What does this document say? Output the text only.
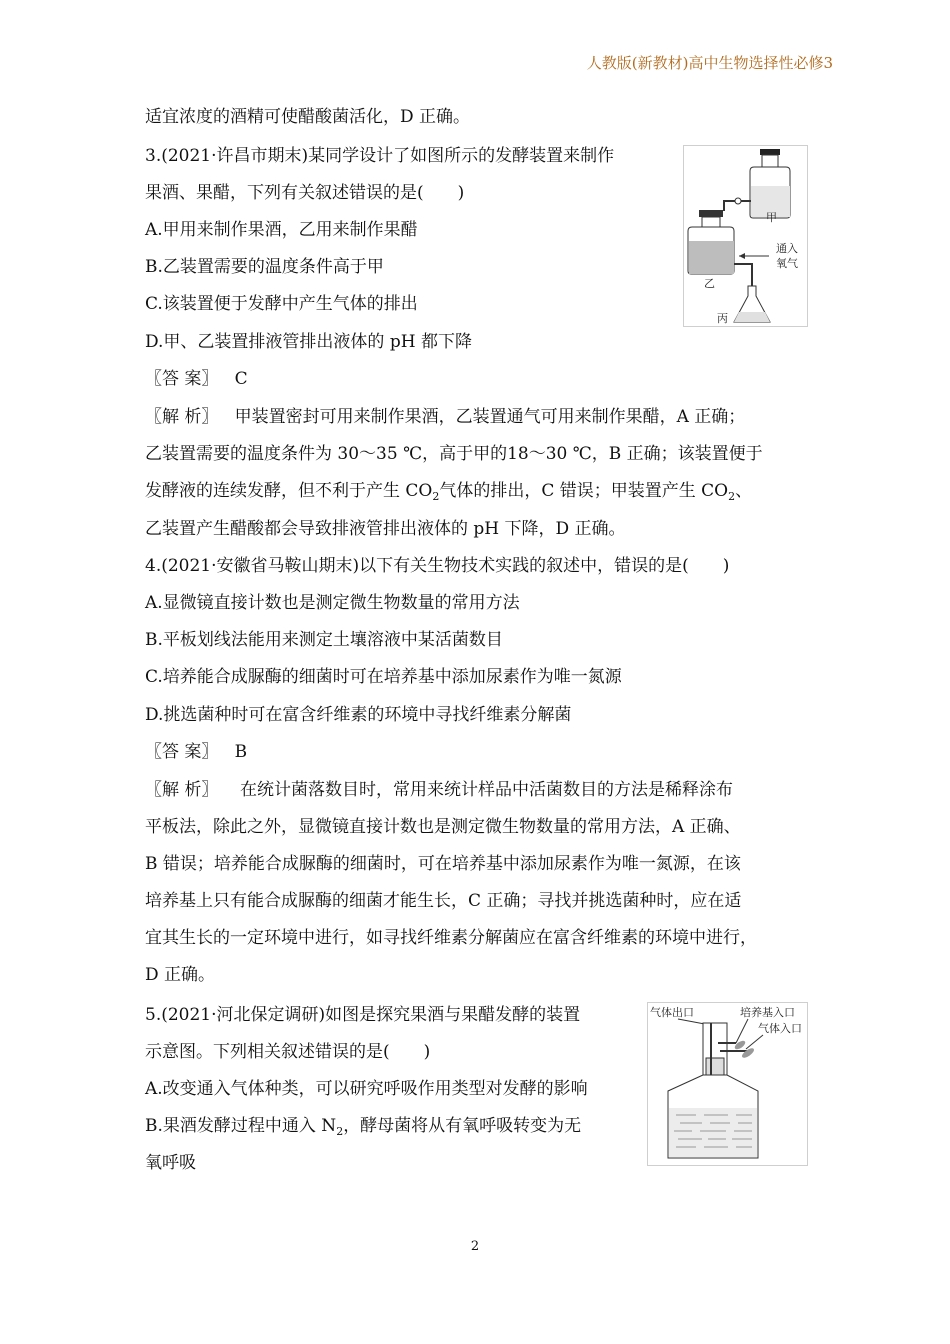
人教版(新教材)高中生物选择性必修3
适宜浓度的酒精可使醋酸菌活化，D 正确。
3.(2021·许昌市期末)某同学设计了如图所示的发酵装置来制作
果酒、果醋，下列有关叙述错误的是(　　)
A.甲用来制作果酒，乙用来制作果醋
B.乙装置需要的温度条件高于甲
C.该装置便于发酵中产生气体的排出
D.甲、乙装置排液管排出液体的 pH 都下降
〖答 案〗 C
〖解 析〗 甲装置密封可用来制作果酒，乙装置通气可用来制作果醋，A 正确；
乙装置需要的温度条件为 30～35 ℃，高于甲的18～30 ℃，B 正确；该装置便于
发酵液的连续发酵，但不利于产生 $CO_2$气体的排出，C 错误；甲装置产生 $CO_2$、
乙装置产生醋酸都会导致排液管排出液体的 pH 下降，D 正确。
甲
乙
丙
通入
氧气
4.(2021·安徽省马鞍山期末)以下有关生物技术实践的叙述中，错误的是(　　)
A.显微镜直接计数也是测定微生物数量的常用方法
B.平板划线法能用来测定土壤溶液中某活菌数目
C.培养能合成脲酶的细菌时可在培养基中添加尿素作为唯一氮源
D.挑选菌种时可在富含纤维素的环境中寻找纤维素分解菌
〖答 案〗 B
〖解 析〗 在统计菌落数目时，常用来统计样品中活菌数目的方法是稀释涂布
平板法，除此之外，显微镜直接计数也是测定微生物数量的常用方法，A 正确、
B 错误；培养能合成脲酶的细菌时，可在培养基中添加尿素作为唯一氮源，在该
培养基上只有能合成脲酶的细菌才能生长，C 正确；寻找并挑选菌种时，应在适
宜其生长的一定环境中进行，如寻找纤维素分解菌应在富含纤维素的环境中进行，
D 正确。
5.(2021·河北保定调研)如图是探究果酒与果醋发酵的装置
示意图。下列相关叙述错误的是(　　)
A.改变通入气体种类，可以研究呼吸作用类型对发酵的影响
B.果酒发酵过程中通入 $N_2$，酵母菌将从有氧呼吸转变为无
氧呼吸
气体出口	培养基入口
气体入口
2
